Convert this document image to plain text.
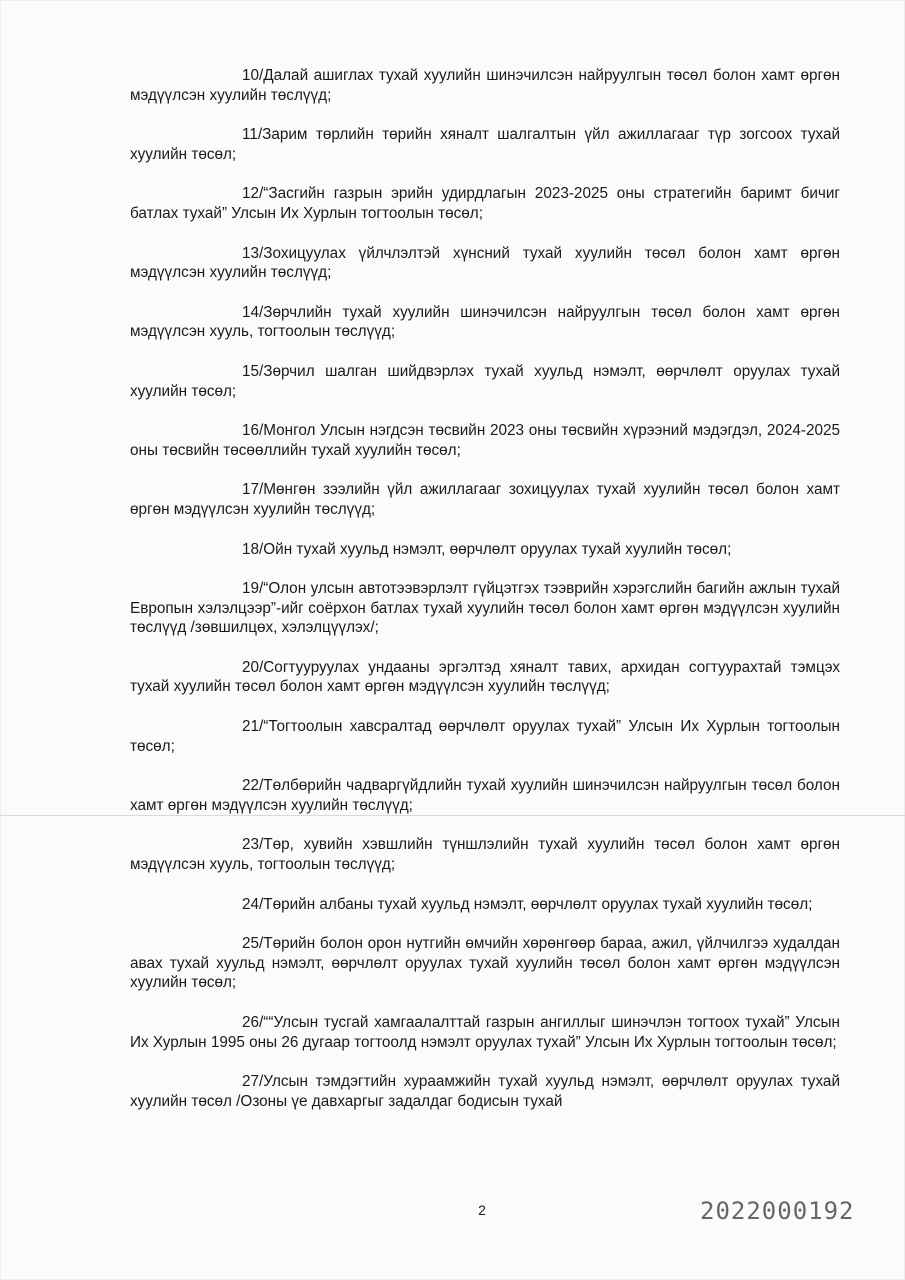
10/Далай ашиглах тухай хуулийн шинэчилсэн найруулгын төсөл болон хамт өргөн мэдүүлсэн хуулийн төслүүд;

11/Зарим төрлийн төрийн хяналт шалгалтын үйл ажиллагааг түр зогсоох тухай хуулийн төсөл;

12/“Засгийн газрын эрийн удирдлагын 2023-2025 оны стратегийн баримт бичиг батлах тухай” Улсын Их Хурлын тогтоолын төсөл;

13/Зохицуулах үйлчлэлтэй хүнсний тухай хуулийн төсөл болон хамт өргөн мэдүүлсэн хуулийн төслүүд;

14/Зөрчлийн тухай хуулийн шинэчилсэн найруулгын төсөл болон хамт өргөн мэдүүлсэн хууль, тогтоолын төслүүд;

15/Зөрчил шалган шийдвэрлэх тухай хуульд нэмэлт, өөрчлөлт оруулах тухай хуулийн төсөл;

16/Монгол Улсын нэгдсэн төсвийн 2023 оны төсвийн хүрээний мэдэгдэл, 2024-2025 оны төсвийн төсөөллийн тухай хуулийн төсөл;

17/Мөнгөн зээлийн үйл ажиллагааг зохицуулах тухай хуулийн төсөл болон хамт өргөн мэдүүлсэн хуулийн төслүүд;

18/Ойн тухай хуульд нэмэлт, өөрчлөлт оруулах тухай хуулийн төсөл;

19/“Олон улсын автотээвэрлэлт гүйцэтгэх тээврийн хэрэгслийн багийн ажлын тухай Европын хэлэлцээр”-ийг соёрхон батлах тухай хуулийн төсөл болон хамт өргөн мэдүүлсэн хуулийн төслүүд /зөвшилцөх, хэлэлцүүлэх/;

20/Согтууруулах ундааны эргэлтэд хяналт тавих, архидан согтуурахтай тэмцэх тухай хуулийн төсөл болон хамт өргөн мэдүүлсэн хуулийн төслүүд;

21/“Тогтоолын хавсралтад өөрчлөлт оруулах тухай” Улсын Их Хурлын тогтоолын төсөл;

22/Төлбөрийн чадваргүйдлийн тухай хуулийн шинэчилсэн найруулгын төсөл болон хамт өргөн мэдүүлсэн хуулийн төслүүд;

23/Төр, хувийн хэвшлийн түншлэлийн тухай хуулийн төсөл болон хамт өргөн мэдүүлсэн хууль, тогтоолын төслүүд;

24/Төрийн албаны тухай хуульд нэмэлт, өөрчлөлт оруулах тухай хуулийн төсөл;

25/Төрийн болон орон нутгийн өмчийн хөрөнгөөр бараа, ажил, үйлчилгээ худалдан авах тухай хуульд нэмэлт, өөрчлөлт оруулах тухай хуулийн төсөл болон хамт өргөн мэдүүлсэн хуулийн төсөл;

26/““Улсын тусгай хамгаалалттай газрын ангиллыг шинэчлэн тогтоох тухай” Улсын Их Хурлын 1995 оны 26 дугаар тогтоолд нэмэлт оруулах тухай” Улсын Их Хурлын тогтоолын төсөл;

27/Улсын тэмдэгтийн хураамжийн тухай хуульд нэмэлт, өөрчлөлт оруулах тухай хуулийн төсөл /Озоны үе давхаргыг задалдаг бодисын тухай

2	2022000192
